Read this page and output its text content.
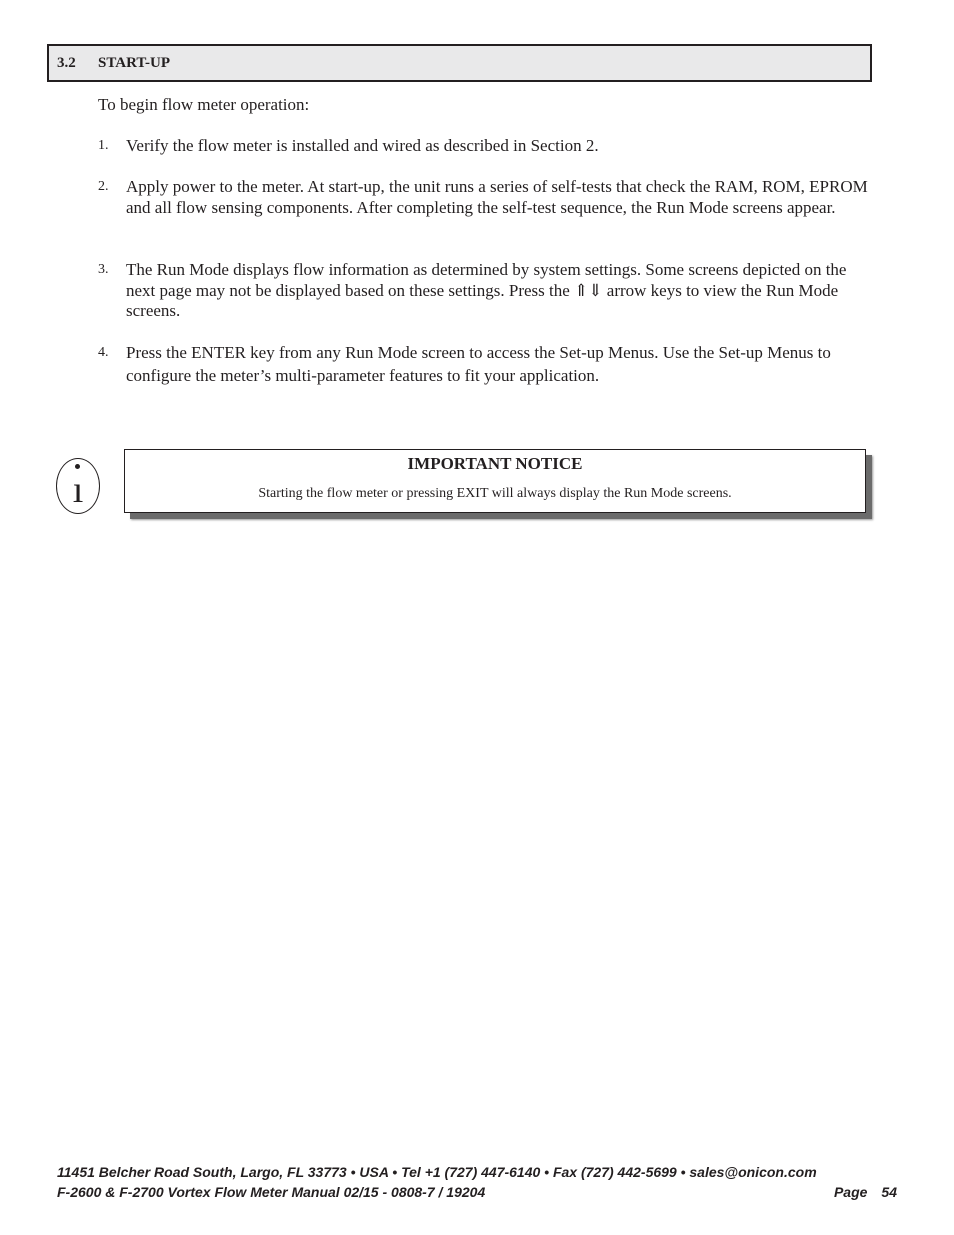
3.2 START-UP
To begin flow meter operation:
1. Verify the flow meter is installed and wired as described in Section 2.
2. Apply power to the meter. At start-up, the unit runs a series of self-tests that check the RAM, ROM, EPROM and all flow sensing components. After completing the self-test sequence, the Run Mode screens appear.
3. The Run Mode displays flow information as determined by system settings. Some screens depicted on the next page may not be displayed based on these settings. Press the ⇑⇓ arrow keys to view the Run Mode screens.
4. Press the ENTER key from any Run Mode screen to access the Set-up Menus. Use the Set-up Menus to configure the meter’s multi-parameter features to fit your application.
ı
IMPORTANT NOTICE
Starting the flow meter or pressing EXIT will always display the Run Mode screens.
11451 Belcher Road South, Largo, FL 33773 • USA • Tel +1 (727) 447-6140 • Fax (727) 442-5699 • sales@onicon.com
F-2600 & F-2700 Vortex Flow Meter Manual 02/15 - 0808-7 / 19204	Page 54
